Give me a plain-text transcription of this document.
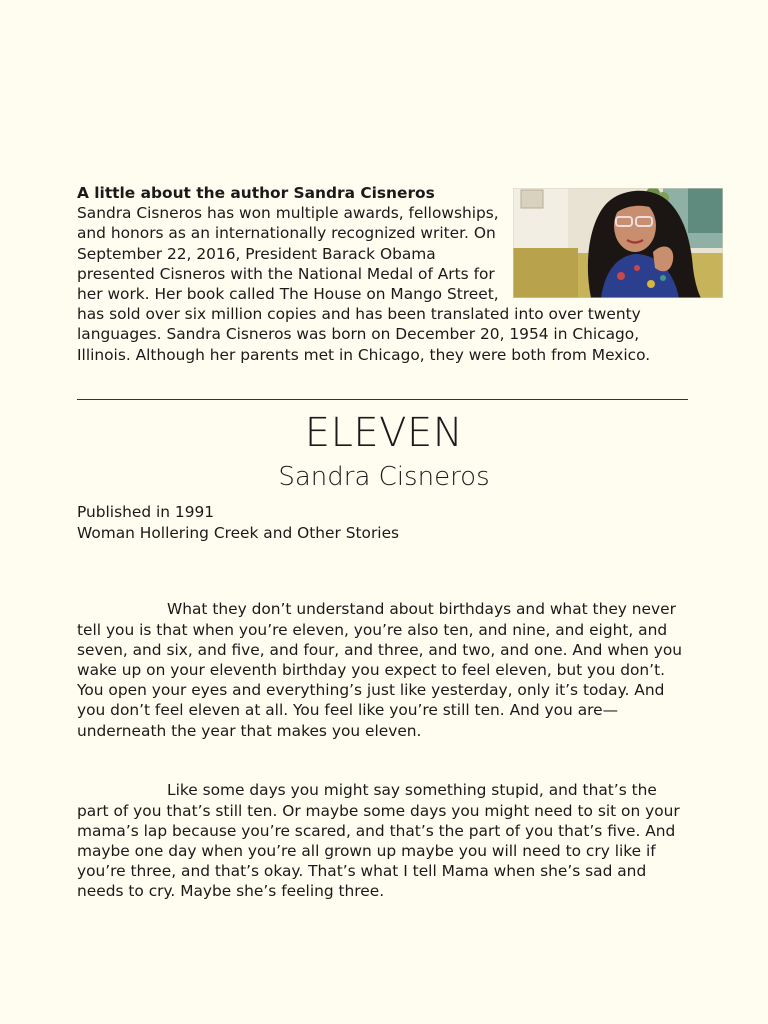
A little about the author Sandra Cisneros
Sandra Cisneros has won multiple awards, fellowships, and honors as an internationally recognized writer. On September 22, 2016, President Barack Obama presented Cisneros with the National Medal of Arts for her work. Her book called The House on Mango Street, has sold over six million copies and has been translated into over twenty languages. Sandra Cisneros was born on December 20, 1954 in Chicago, Illinois. Although her parents met in Chicago, they were both from Mexico.
ELEVEN
Sandra Cisneros
Published in 1991
Woman Hollering Creek and Other Stories

What they don’t understand about birthdays and what they never tell you is that when you’re eleven, you’re also ten, and nine, and eight, and seven, and six, and five, and four, and three, and two, and one. And when you wake up on your eleventh birthday you expect to feel eleven, but you don’t. You open your eyes and everything’s just like yesterday, only it’s today. And you don’t feel eleven at all. You feel like you’re still ten. And you are—underneath the year that makes you eleven.

Like some days you might say something stupid, and that’s the part of you that’s still ten. Or maybe some days you might need to sit on your mama’s lap because you’re scared, and that’s the part of you that’s five. And maybe one day when you’re all grown up maybe you will need to cry like if you’re three, and that’s okay. That’s what I tell Mama when she’s sad and needs to cry. Maybe she’s feeling three.
